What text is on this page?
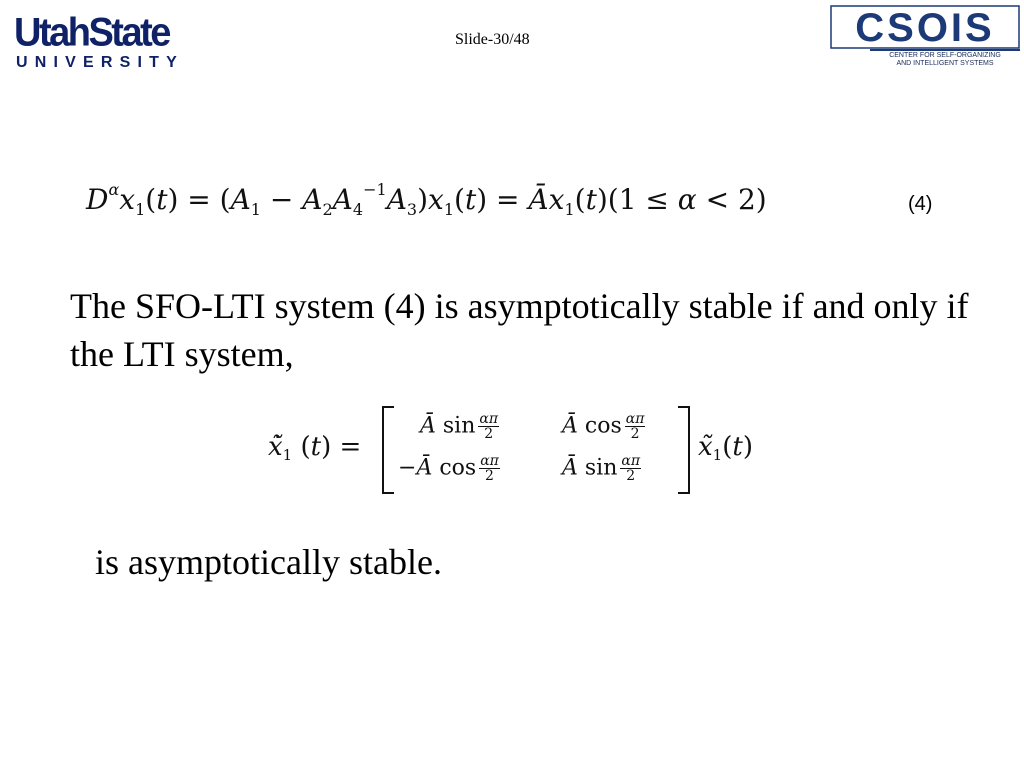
UtahState
UNIVERSITY
Slide-30/48	CSOIS
CENTER FOR SELF-ORGANIZING
AND INTELLIGENT SYSTEMS
$D^\alpha x_1(t) = (A_1 - A_2A_4^{-1}A_3)x_1(t)$ = $Āx_1(t)(1 \le \alpha < 2)$	(4)
The SFO-LTI system (4) is asymptotically stable if and only if the LTI system,
$x̃̇_1$ (t) =
Ā $\sin \frac{\alpha\pi}{2}$	Ā $\cos \frac{\alpha\pi}{2}$
−Ā $\cos \frac{\alpha\pi}{2}$	Ā $\sin \frac{\alpha\pi}{2}$
$x̃_1(t)$
is asymptotically stable.
